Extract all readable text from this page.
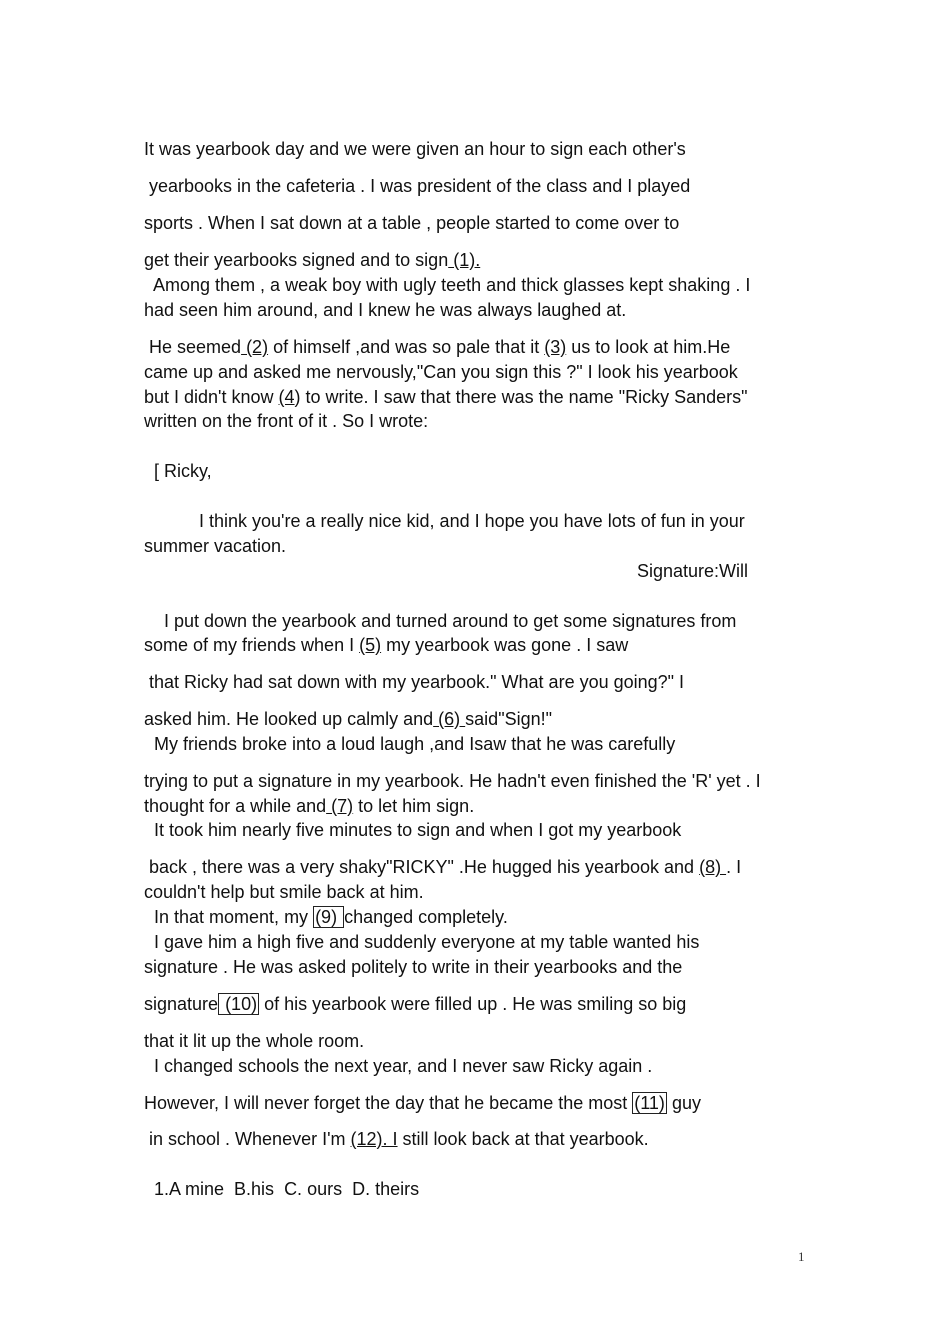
It was yearbook day and we were given an hour to sign each other's

yearbooks in the cafeteria . I was president of the class and I played

sports . When I sat down at a table , people started to come over to

get their yearbooks signed and to sign (1).

Among them , a weak boy with ugly teeth and thick glasses kept shaking . I

had seen him around, and I knew he was always laughed at.

He seemed (2) of himself ,and was so pale that it (3) us to look at him.He

came up and asked me nervously,"Can you sign this ?" I look his yearbook

but I didn't know (4) to write. I saw that there was the name "Ricky Sanders"

written on the front of it . So I wrote:

[ Ricky,

I think you're a really nice kid, and I hope you have lots of fun in your

summer vacation.

Signature:Will

I put down the yearbook and turned around to get some signatures from

some of my friends when I (5) my yearbook was gone . I saw

that Ricky had sat down with my yearbook." What are you going?" I

asked him. He looked up calmly and (6) said"Sign!"

My friends broke into a loud laugh ,and Isaw that he was carefully

trying to put a signature in my yearbook. He hadn't even finished the 'R' yet . I

thought for a while and (7) to let him sign.

It took him nearly five minutes to sign and when I got my yearbook

back , there was a very shaky"RICKY" .He hugged his yearbook and (8) . I

couldn't help but smile back at him.

In that moment, my (9) changed completely.

I gave him a high five and suddenly everyone at my table wanted his

signature . He was asked politely to write in their yearbooks and the

signature (10) of his yearbook were filled up . He was smiling so big

that it lit up the whole room.

I changed schools the next year, and I never saw Ricky again .

However, I will never forget the day that he became the most (11) guy

in school . Whenever I'm (12). I still look back at that yearbook.

1.A mine  B.his  C. ours  D. theirs

1
